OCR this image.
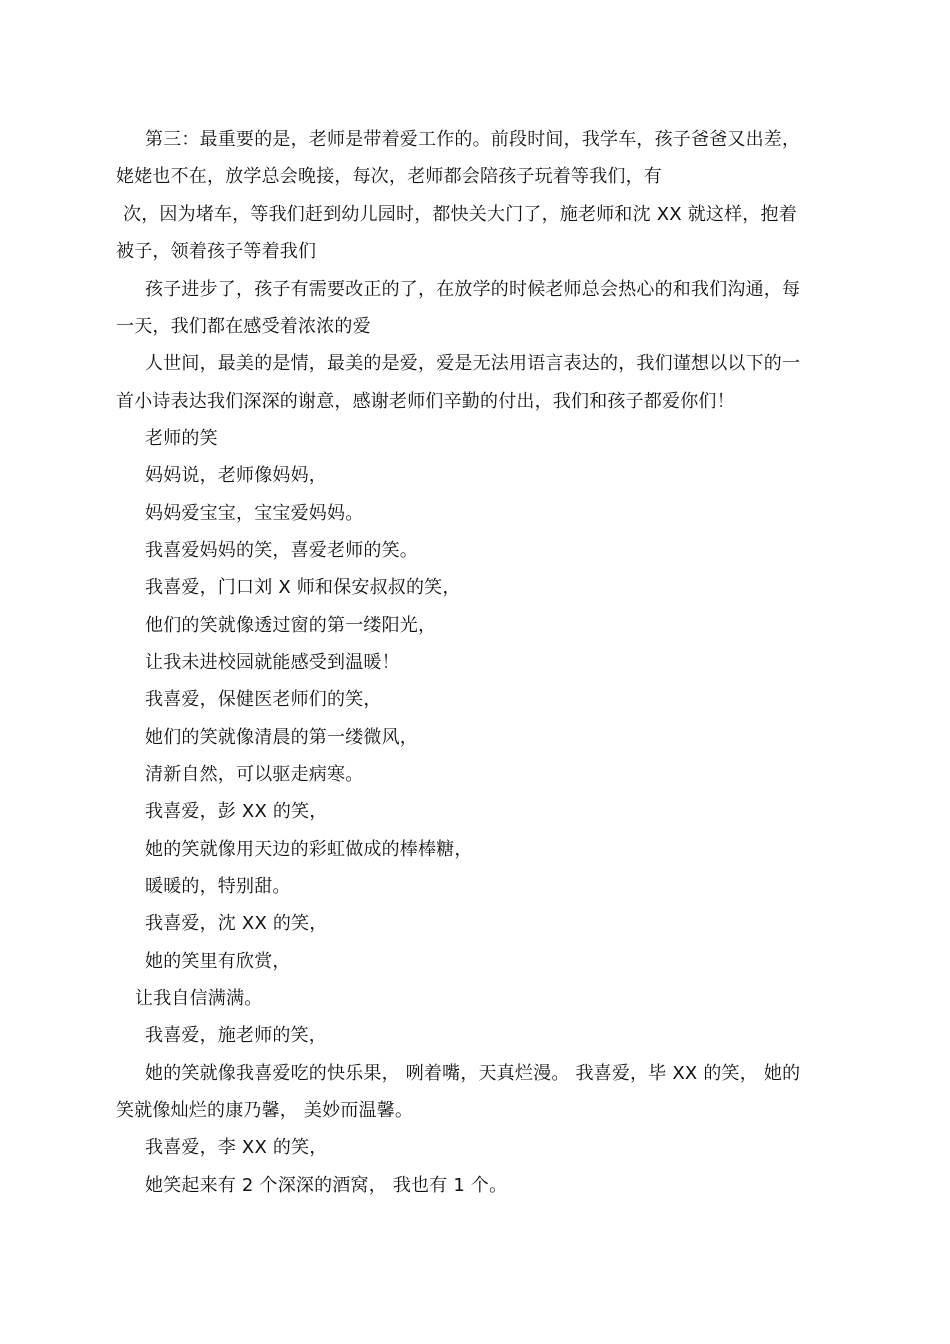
第三：最重要的是，老师是带着爱工作的。前段时间，我学车，孩子爸爸又出差，
姥姥也不在，放学总会晚接，每次，老师都会陪孩子玩着等我们，有
次，因为堵车，等我们赶到幼儿园时，都快关大门了，施老师和沈 XX 就这样，抱着
被子，领着孩子等着我们
孩子进步了，孩子有需要改正的了，在放学的时候老师总会热心的和我们沟通，每
一天，我们都在感受着浓浓的爱
人世间，最美的是情，最美的是爱，爱是无法用语言表达的，我们谨想以以下的一
首小诗表达我们深深的谢意，感谢老师们辛勤的付出，我们和孩子都爱你们！
老师的笑
妈妈说，老师像妈妈，
妈妈爱宝宝，宝宝爱妈妈。
我喜爱妈妈的笑，喜爱老师的笑。
我喜爱，门口刘 X 师和保安叔叔的笑，
他们的笑就像透过窗的第一缕阳光，
让我未进校园就能感受到温暖！
我喜爱，保健医老师们的笑，
她们的笑就像清晨的第一缕微风，
清新自然，可以驱走病寒。
我喜爱，彭 XX 的笑，
她的笑就像用天边的彩虹做成的棒棒糖，
暖暖的，特别甜。
我喜爱，沈 XX 的笑，
她的笑里有欣赏，
让我自信满满。
我喜爱，施老师的笑，
她的笑就像我喜爱吃的快乐果， 咧着嘴，天真烂漫。 我喜爱，毕 XX 的笑， 她的
笑就像灿烂的康乃馨， 美妙而温馨。
我喜爱，李 XX 的笑，
她笑起来有 2 个深深的酒窝， 我也有 1 个。
